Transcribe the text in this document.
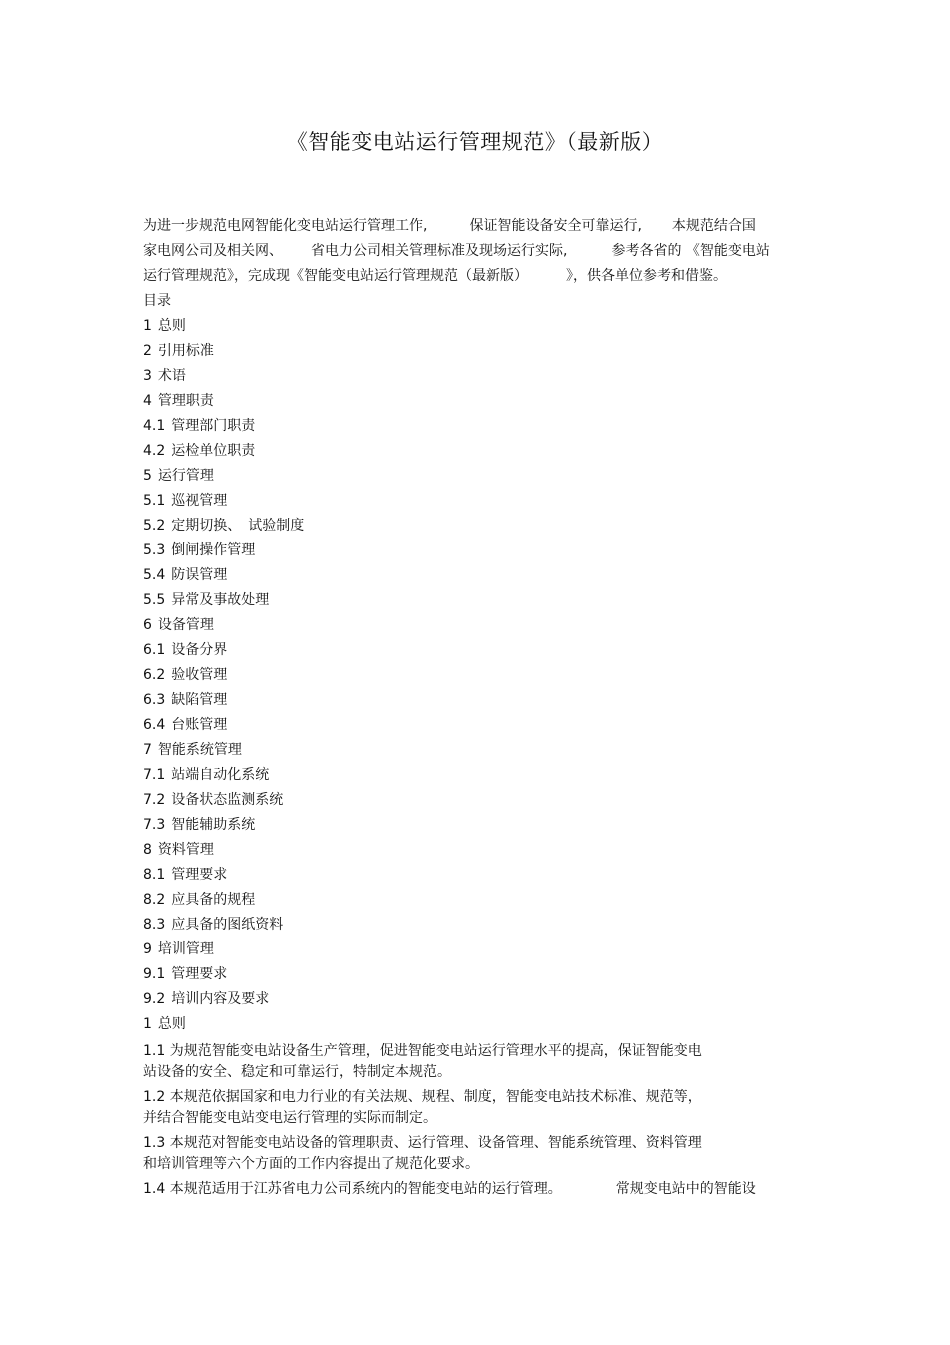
《智能变电站运行管理规范》（最新版）

为进一步规范电网智能化变电站运行管理工作,	保证智能设备安全可靠运行, 本规范结合国

家电网公司及相关网、 省电力公司相关管理标准及现场运行实际,	参考各省的 《智能变电站

运行管理规范》，完成现《智能变电站运行管理规范（最新版）	》，供各单位参考和借鉴。

目录
1 总则
2 引用标准
3 术语
4 管理职责
4.1 管理部门职责
4.2 运检单位职责
5 运行管理
5.1 巡视管理
5.2 定期切换、　试验制度
5.3 倒闸操作管理
5.4 防误管理
5.5 异常及事故处理
6 设备管理
6.1 设备分界
6.2 验收管理
6.3 缺陷管理
6.4 台账管理
7 智能系统管理
7.1 站端自动化系统
7.2 设备状态监测系统
7.3 智能辅助系统
8 资料管理
8.1 管理要求
8.2 应具备的规程
8.3 应具备的图纸资料
9 培训管理
9.1 管理要求
9.2 培训内容及要求
1 总则
1.1 为规范智能变电站设备生产管理，促进智能变电站运行管理水平的提高，保证智能变电
站设备的安全、稳定和可靠运行，特制定本规范。
1.2 本规范依据国家和电力行业的有关法规、规程、制度，智能变电站技术标准、规范等，
并结合智能变电站变电运行管理的实际而制定。
1.3 本规范对智能变电站设备的管理职责、运行管理、设备管理、智能系统管理、资料管理
和培训管理等六个方面的工作内容提出了规范化要求。
1.4 本规范适用于江苏省电力公司系统内的智能变电站的运行管理。	常规变电站中的智能设
